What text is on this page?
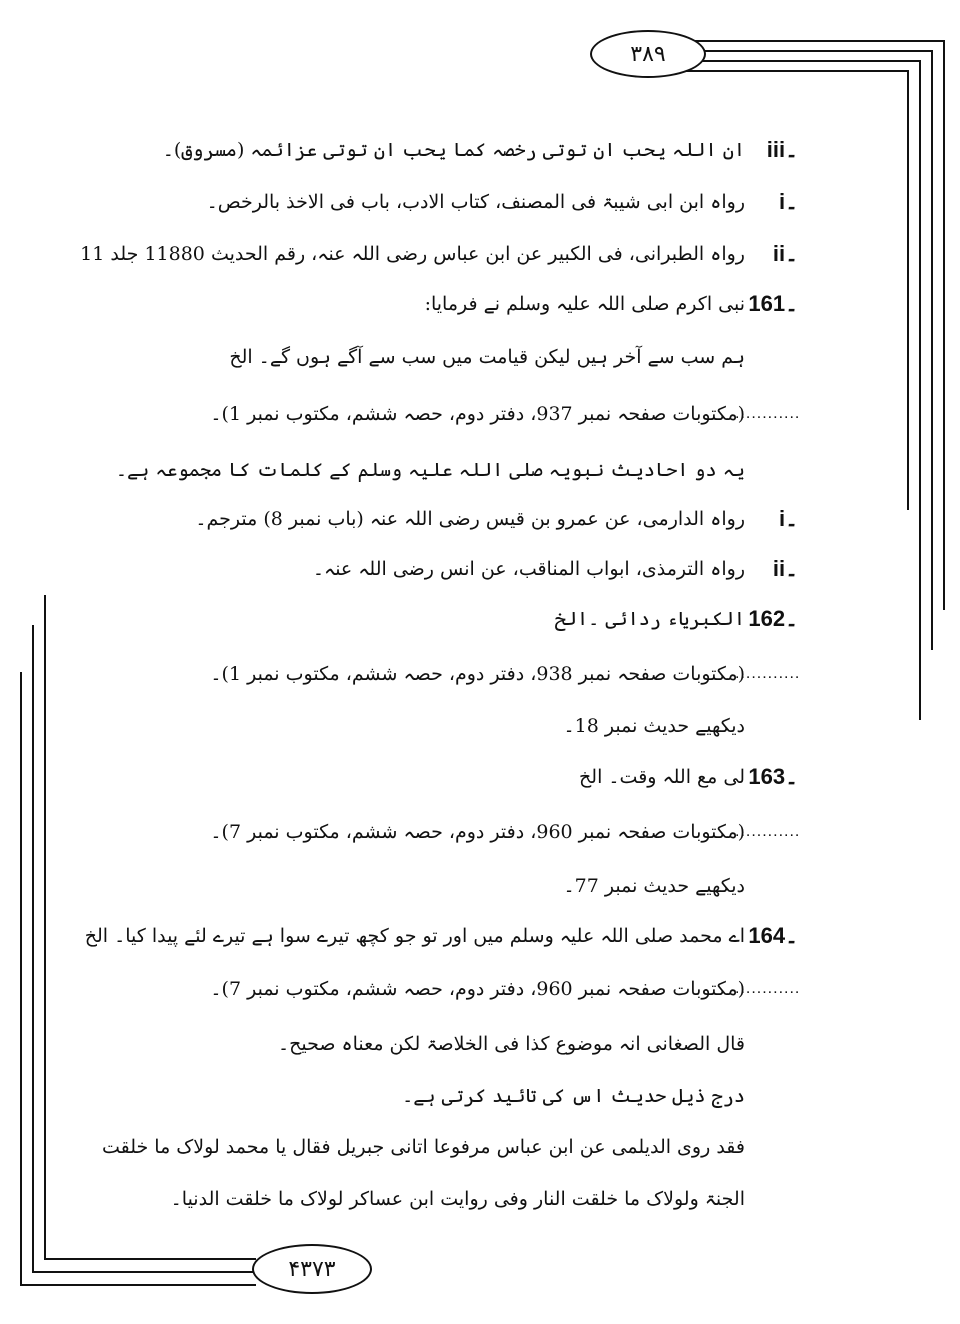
۳۸۹
۴۳۷۳
iii۔
ان اللہ یحب ان توتی رخصہ کما یحب ان توتی عزائمہ (مسروق)۔
i۔
رواہ ابن ابی شیبۃ فی المصنف، کتاب الادب، باب فی الاخذ بالرخص۔
ii۔
رواہ الطبرانی، فی الکبیر عن ابن عباس رضی اللہ عنہ، رقم الحدیث 11880 جلد 11
161۔
نبی اکرم صلی اللہ علیہ وسلم نے فرمایا:
ہم سب سے آخر ہیں لیکن قیامت میں سب سے آگے ہوں گے۔ الخ
(مکتوبات صفحہ نمبر 937، دفتر دوم، حصہ ششم، مکتوب نمبر 1)۔
............
یہ دو احادیث نبویہ صلی اللہ علیہ وسلم کے کلمات کا مجموعہ ہے۔
i۔
رواہ الدارمی، عن عمرو بن قیس رضی اللہ عنہ (باب نمبر 8) مترجم۔
ii۔
رواہ الترمذی، ابواب المناقب، عن انس رضی اللہ عنہ۔
162۔
الکبریاء ردائی ۔الخ
(مکتوبات صفحہ نمبر 938، دفتر دوم، حصہ ششم، مکتوب نمبر 1)۔
............
دیکھیے حدیث نمبر 18۔
163۔
لی مع اللہ وقت۔ الخ
(مکتوبات صفحہ نمبر 960، دفتر دوم، حصہ ششم، مکتوب نمبر 7)۔
............
دیکھیے حدیث نمبر 77۔
164۔
اے محمد صلی اللہ علیہ وسلم میں اور تو جو کچھ تیرے سوا ہے تیرے لئے پیدا کیا۔ الخ
(مکتوبات صفحہ نمبر 960، دفتر دوم، حصہ ششم، مکتوب نمبر 7)۔
............
قال الصغانی انہ موضوع کذا فی الخلاصۃ لکن معناہ صحیح۔
درج ذیل حدیث اس کی تائید کرتی ہے۔
فقد روی الدیلمی عن ابن عباس مرفوعا اتانی جبریل فقال یا محمد لولاک ما خلقت
الجنۃ ولولاک ما خلقت النار وفی روایت ابن عساکر لولاک ما خلقت الدنیا۔
